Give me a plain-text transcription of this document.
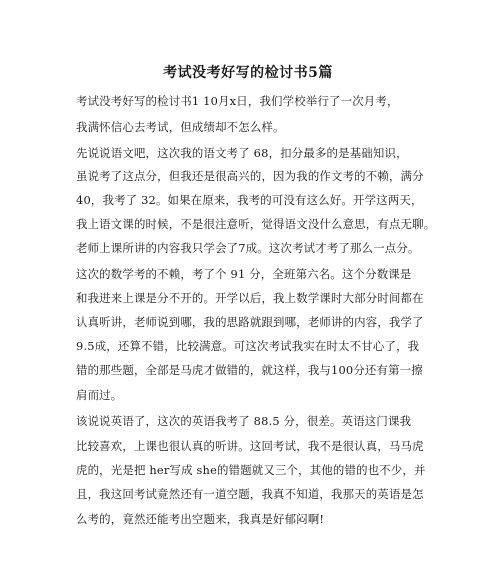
考试没考好写的检讨书5篇
考试没考好写的检讨书1 10月x日，我们学校举行了一次月考，
我满怀信心去考试，但成绩却不怎么样。
先说说语文吧，这次我的语文考了 68，扣分最多的是基础知识，
虽说考了这点分，但我还是很高兴的，因为我的作文考的不赖，满分
40，我考了 32。如果在原来，我考的可没有这么好。开学这两天，
我上语文课的时候，不是很注意听，觉得语文没什么意思，有点无聊。
老师上课所讲的内容我只学会了7成。这次考试才考了那么一点分。
这次的数学考的不赖，考了个 91 分，全班第六名。这个分数课是
和我进来上课是分不开的。开学以后，我上数学课时大部分时间都在
认真听讲，老师说到哪，我的思路就跟到哪，老师讲的内容，我学了
9.5成，还算不错，比较满意。可这次考试我实在时太不甘心了，我
错的那些题，全部是马虎才做错的，就这样，我与100分还有第一擦
肩而过。
该说说英语了，这次的英语我考了 88.5 分，很差。英语这门课我
比较喜欢，上课也很认真的听讲。这回考试，我不是很认真，马马虎
虎的，光是把 her写成 she的错题就又三个，其他的错的也不少，并
且，我这回考试竟然还有一道空题，我真不知道，我那天的英语是怎
么考的，竟然还能考出空题来，我真是好郁闷啊!
